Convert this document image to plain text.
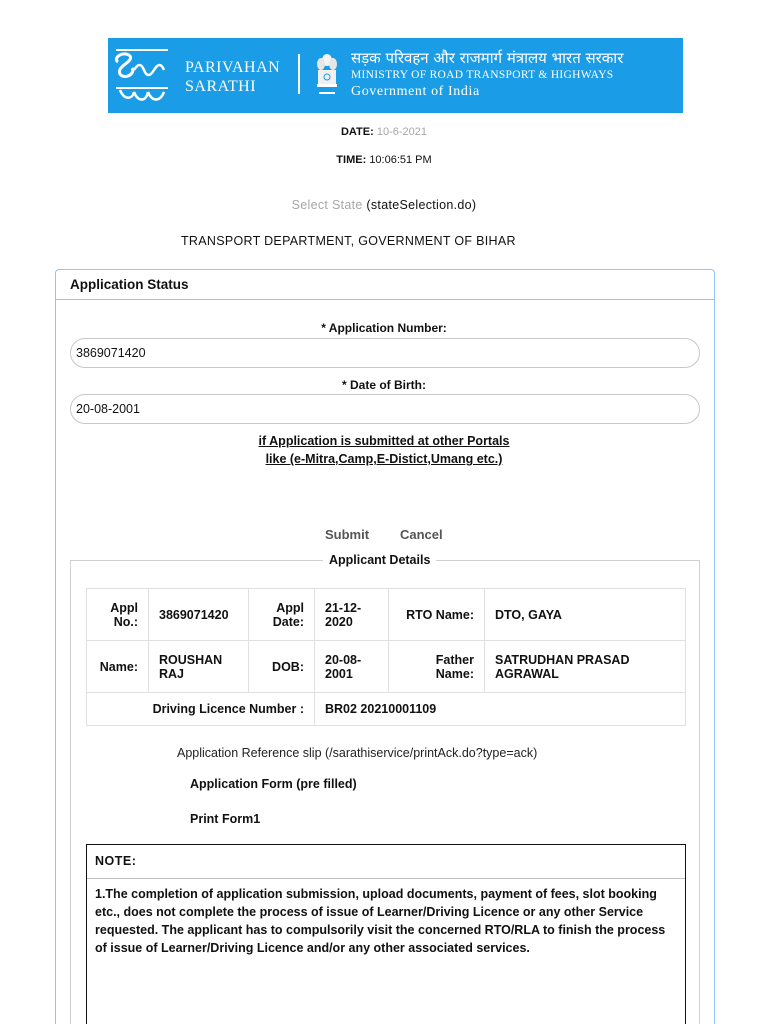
PARIVAHAN
SARATHI
सड़क परिवहन और राजमार्ग मंत्रालय भारत सरकार
MINISTRY OF ROAD TRANSPORT & HIGHWAYS
Government of India
DATE: 10-6-2021
TIME: 10:06:51 PM
Select State (stateSelection.do)
TRANSPORT DEPARTMENT, GOVERNMENT OF BIHAR
Application Status
* Application Number:
3869071420
* Date of Birth:
20-08-2001
if Application is submitted at other Portals
like (e-Mitra,Camp,E-Distict,Umang etc.)
Submit Cancel
Applicant Details
Appl No.:	3869071420	Appl Date:	21-12-2020	RTO Name:	DTO, GAYA
Name:	ROUSHAN RAJ	DOB:	20-08-2001	Father Name:	SATRUDHAN PRASAD AGRAWAL
Driving Licence Number :			BR02 20210001109		
Application Reference slip (/sarathiservice/printAck.do?type=ack)
Application Form (pre filled)
Print Form1
NOTE:
1.The completion of application submission, upload documents, payment of fees, slot booking etc., does not complete the process of issue of Learner/Driving Licence or any other Service requested. The applicant has to compulsorily visit the concerned RTO/RLA to finish the process of issue of Learner/Driving Licence and/or any other associated services.
